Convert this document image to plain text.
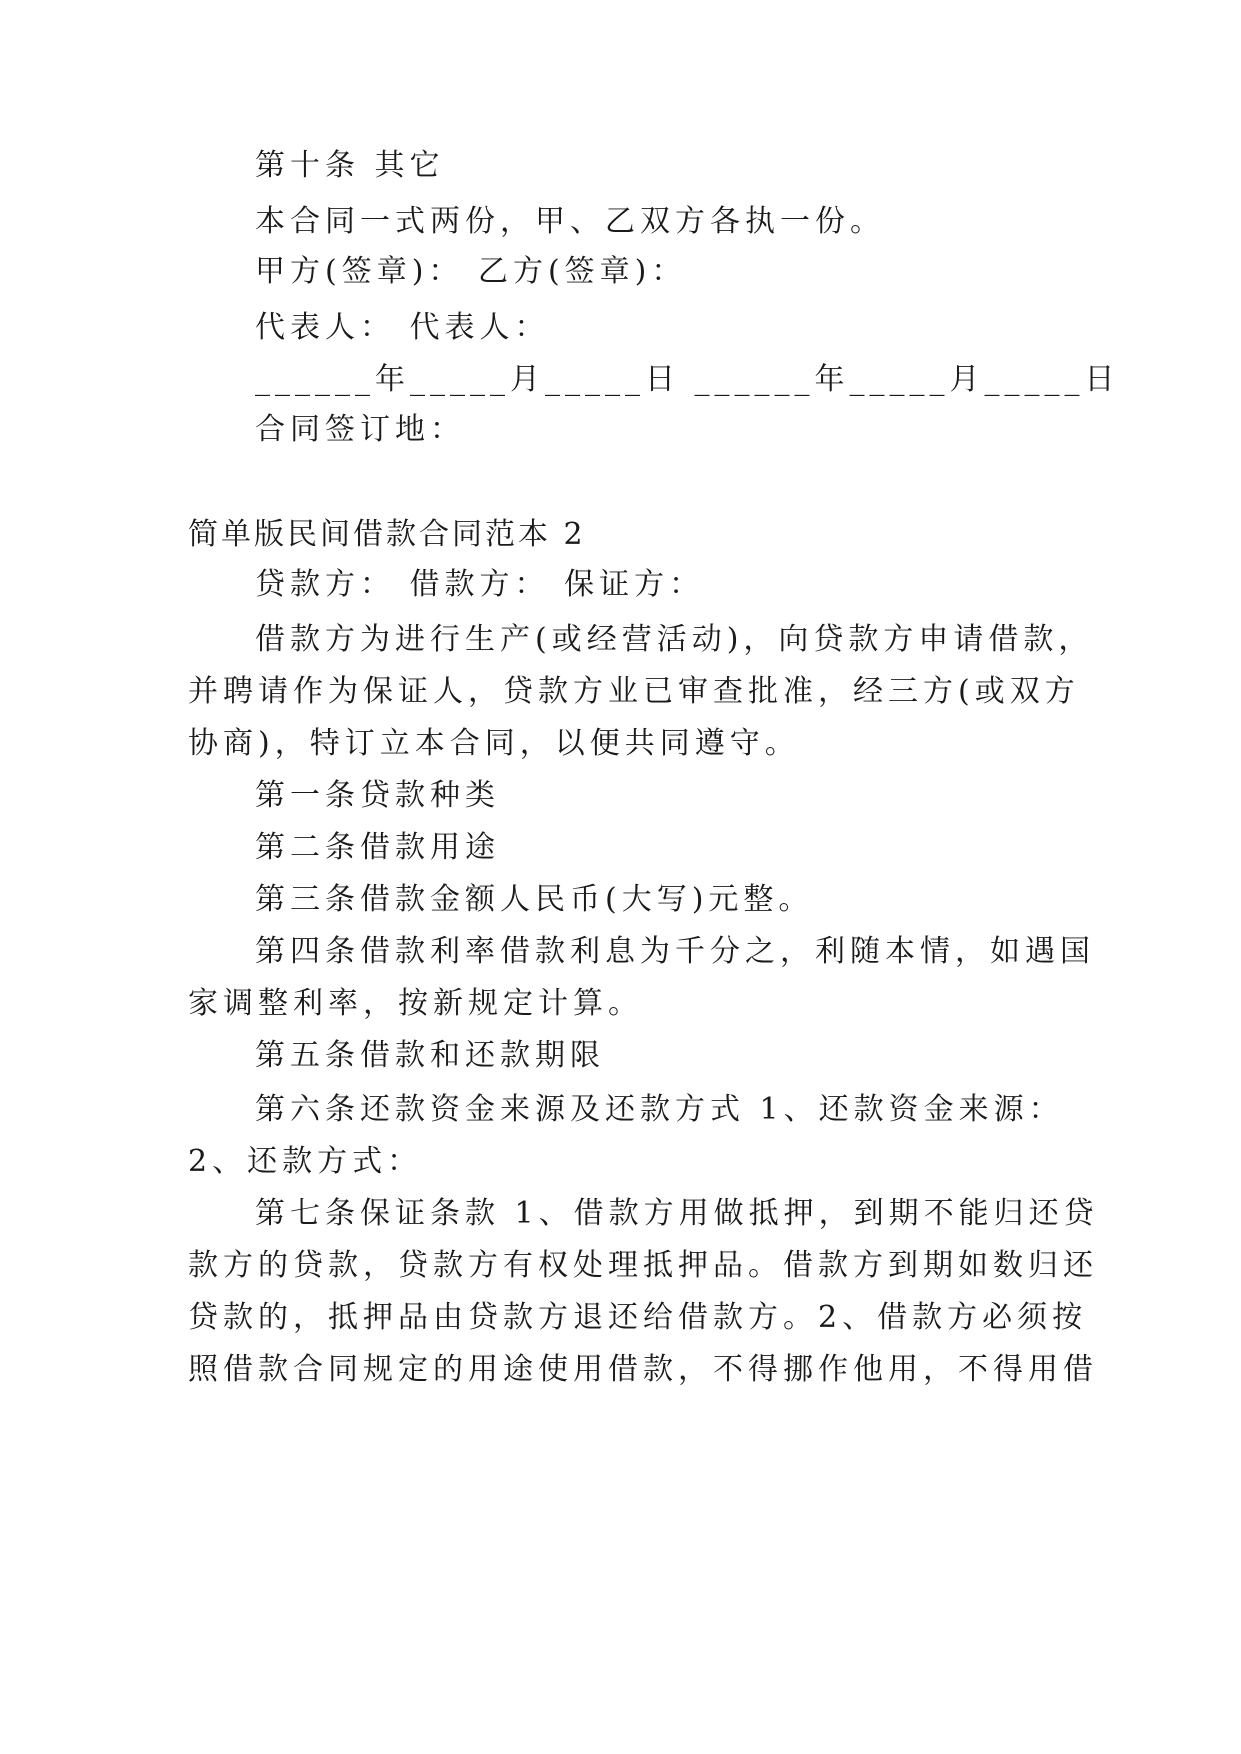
第十条 其它
本合同一式两份，甲、乙双方各执一份。
甲方(签章)： 乙方(签章)：
代表人： 代表人：
______年_____月_____日 ______年_____月_____日
合同签订地：
简单版民间借款合同范本 2
贷款方： 借款方： 保证方：
借款方为进行生产(或经营活动)，向贷款方申请借款，
并聘请作为保证人，贷款方业已审查批准，经三方(或双方
协商)，特订立本合同，以便共同遵守。
第一条贷款种类
第二条借款用途
第三条借款金额人民币(大写)元整。
第四条借款利率借款利息为千分之，利随本情，如遇国
家调整利率，按新规定计算。
第五条借款和还款期限
第六条还款资金来源及还款方式 1、还款资金来源：
2、还款方式：
第七条保证条款 1、借款方用做抵押，到期不能归还贷
款方的贷款，贷款方有权处理抵押品。借款方到期如数归还
贷款的，抵押品由贷款方退还给借款方。2、借款方必须按
照借款合同规定的用途使用借款，不得挪作他用，不得用借
